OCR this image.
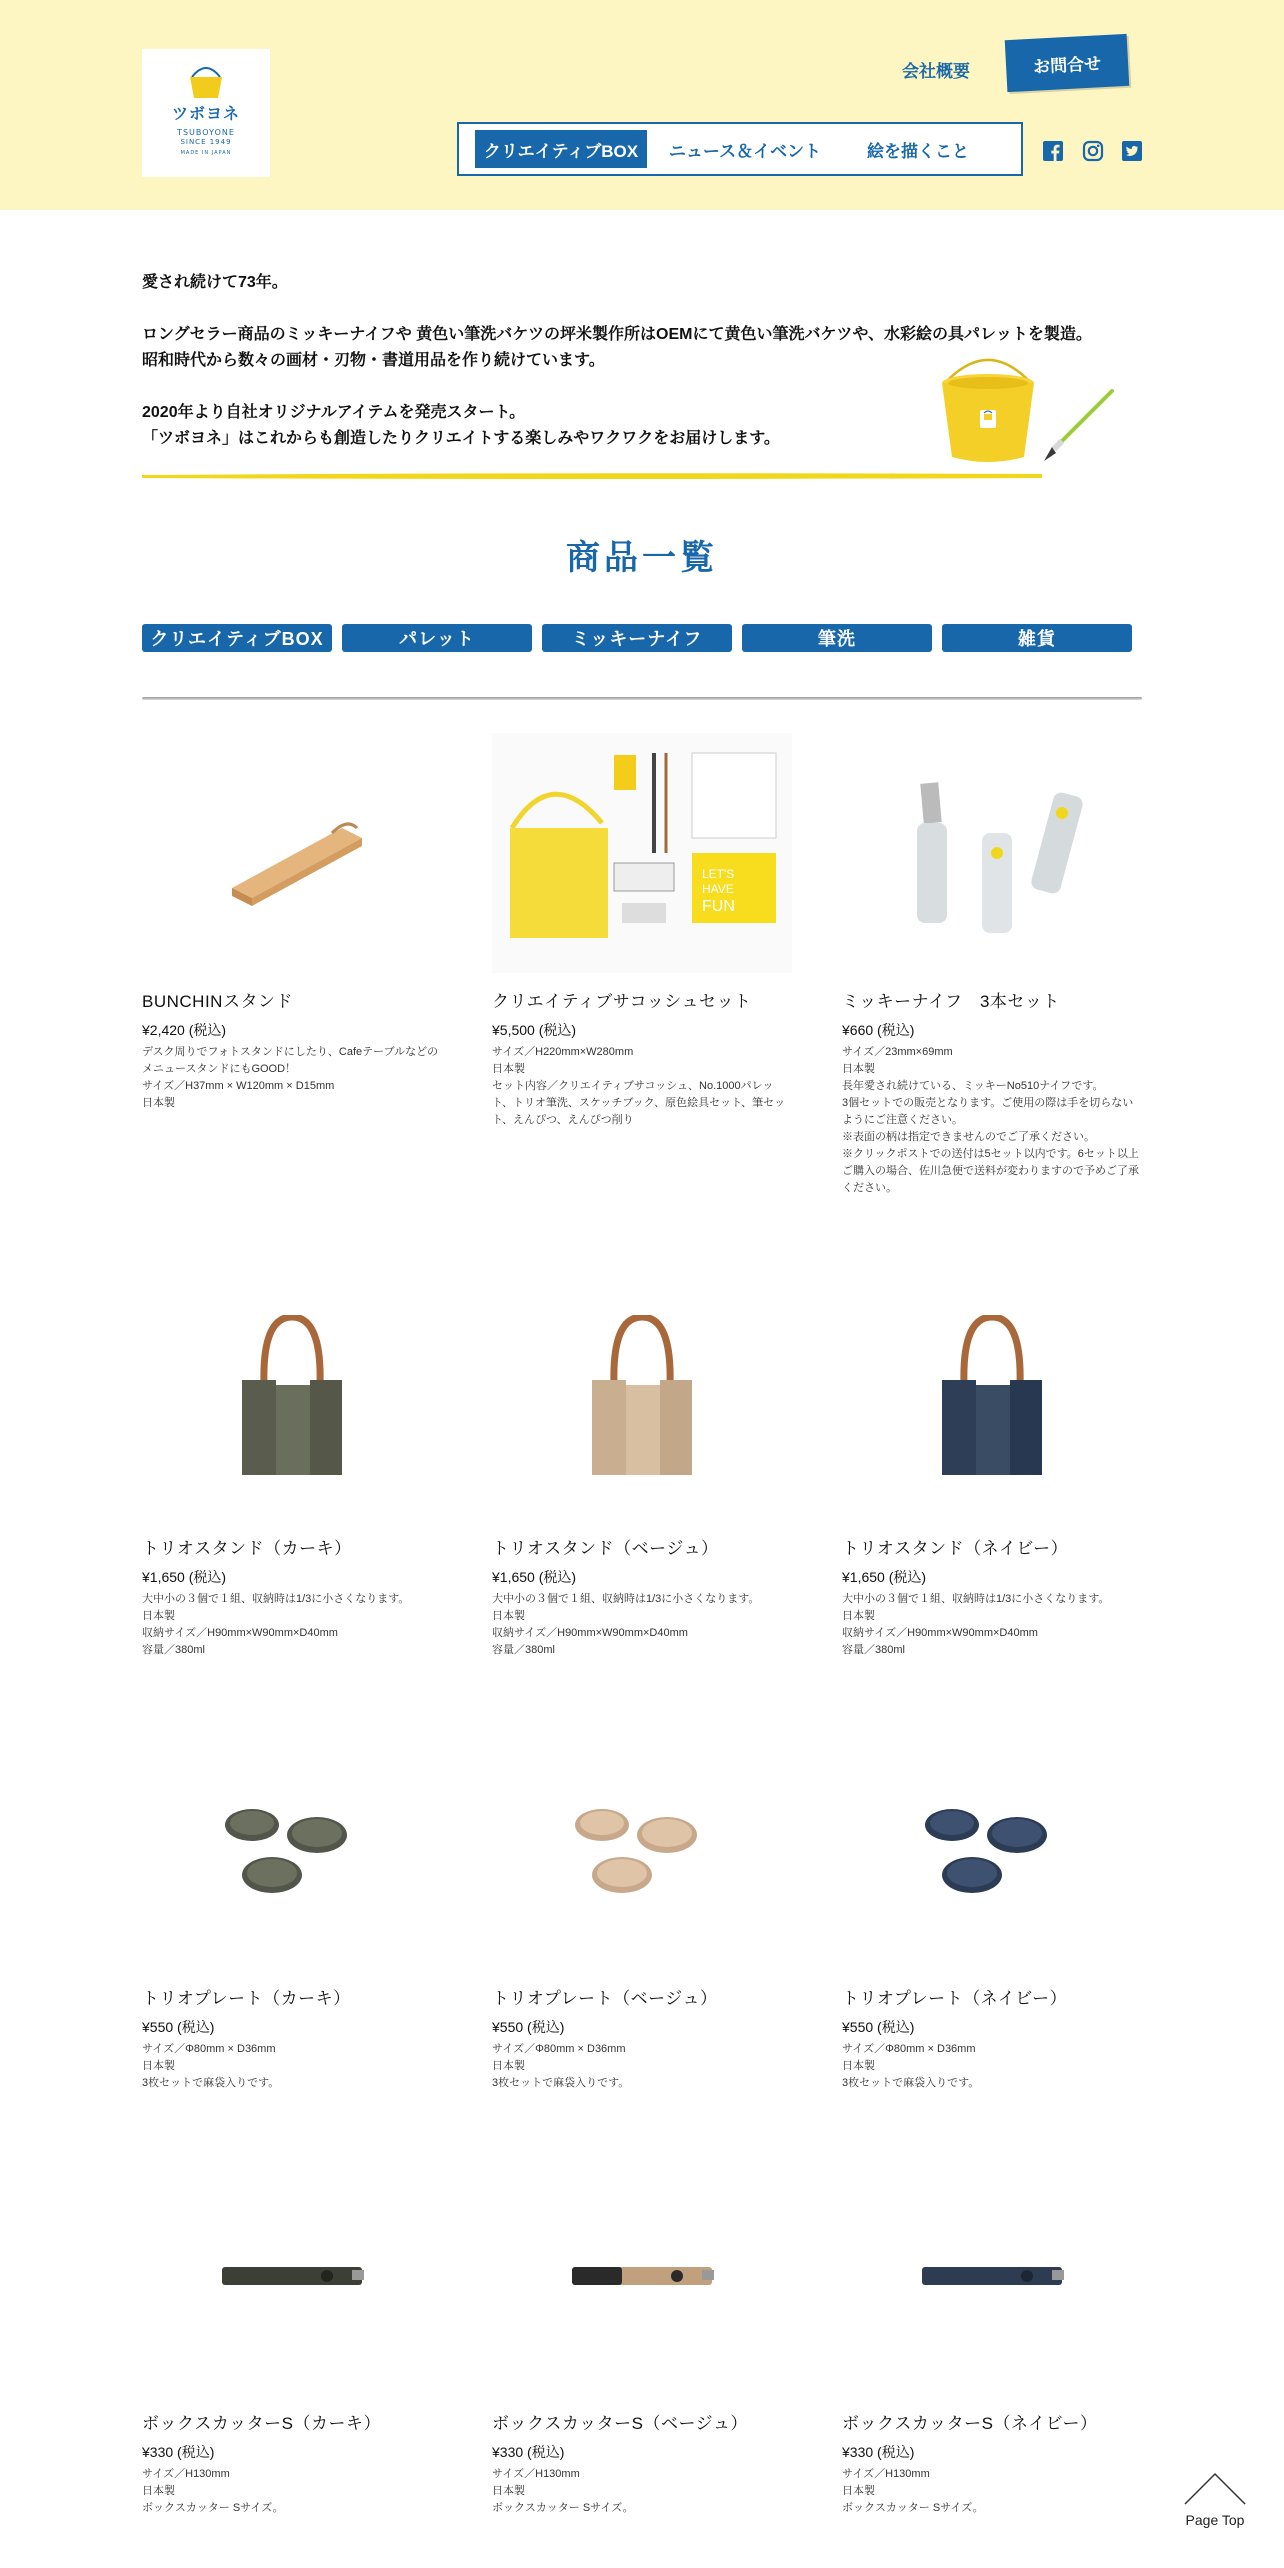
ツボヨネ
TSUBOYONE
SINCE 1949
MADE IN JAPAN
会社概要	お問合せ
クリエイティブBOX	ニュース＆イベント	絵を描くこと

愛され続けて73年。

ロングセラー商品のミッキーナイフや 黄色い筆洗バケツの坪米製作所はOEMにて黄色い筆洗バケツや、水彩絵の具パレットを製造。

昭和時代から数々の画材・刃物・書道用品を作り続けています。

2020年より自社オリジナルアイテムを発売スタート。

「ツボヨネ」はこれからも創造したりクリエイトする楽しみやワクワクをお届けします。

商品一覧
クリエイティブBOX	パレット	ミッキーナイフ	筆洗	雑貨
BUNCHINスタンド
¥2,420 (税込)
デスク周りでフォトスタンドにしたり、Cafeテーブルなどの
メニュースタンドにもGOOD！
サイズ／H37mm × W120mm × D15mm
日本製
LET'S
HAVE
FUN
クリエイティブサコッシュセット
¥5,500 (税込)
サイズ／H220mm×W280mm
日本製
セット内容／クリエイティブサコッシュ、No.1000パレッ
ト、トリオ筆洗、スケッチブック、原色絵具セット、筆セッ
ト、えんぴつ、えんぴつ削り
ミッキーナイフ　3本セット
¥660 (税込)
サイズ／23mm×69mm
日本製
長年愛され続けている、ミッキーNo510ナイフです。
3個セットでの販売となります。ご使用の際は手を切らない
ようにご注意ください。
※表面の柄は指定できませんのでご了承ください。
※クリックポストでの送付は5セット以内です。6セット以上
ご購入の場合、佐川急便で送料が変わりますので予めご了承
ください。
トリオスタンド（カーキ）
¥1,650 (税込)
大中小の３個で１組、収納時は1/3に小さくなります。
日本製
収納サイズ／H90mm×W90mm×D40mm
容量／380ml
トリオスタンド（ベージュ）
¥1,650 (税込)
大中小の３個で１組、収納時は1/3に小さくなります。
日本製
収納サイズ／H90mm×W90mm×D40mm
容量／380ml
トリオスタンド（ネイビー）
¥1,650 (税込)
大中小の３個で１組、収納時は1/3に小さくなります。
日本製
収納サイズ／H90mm×W90mm×D40mm
容量／380ml
トリオプレート（カーキ）
¥550 (税込)
サイズ／Φ80mm × D36mm
日本製
3枚セットで麻袋入りです。
トリオプレート（ベージュ）
¥550 (税込)
サイズ／Φ80mm × D36mm
日本製
3枚セットで麻袋入りです。
トリオプレート（ネイビー）
¥550 (税込)
サイズ／Φ80mm × D36mm
日本製
3枚セットで麻袋入りです。
ボックスカッターS（カーキ）
¥330 (税込)
サイズ／H130mm
日本製
ボックスカッター Sサイズ。
ボックスカッターS（ベージュ）
¥330 (税込)
サイズ／H130mm
日本製
ボックスカッター Sサイズ。
ボックスカッターS（ネイビー）
¥330 (税込)
サイズ／H130mm
日本製
ボックスカッター Sサイズ。
Page Top
